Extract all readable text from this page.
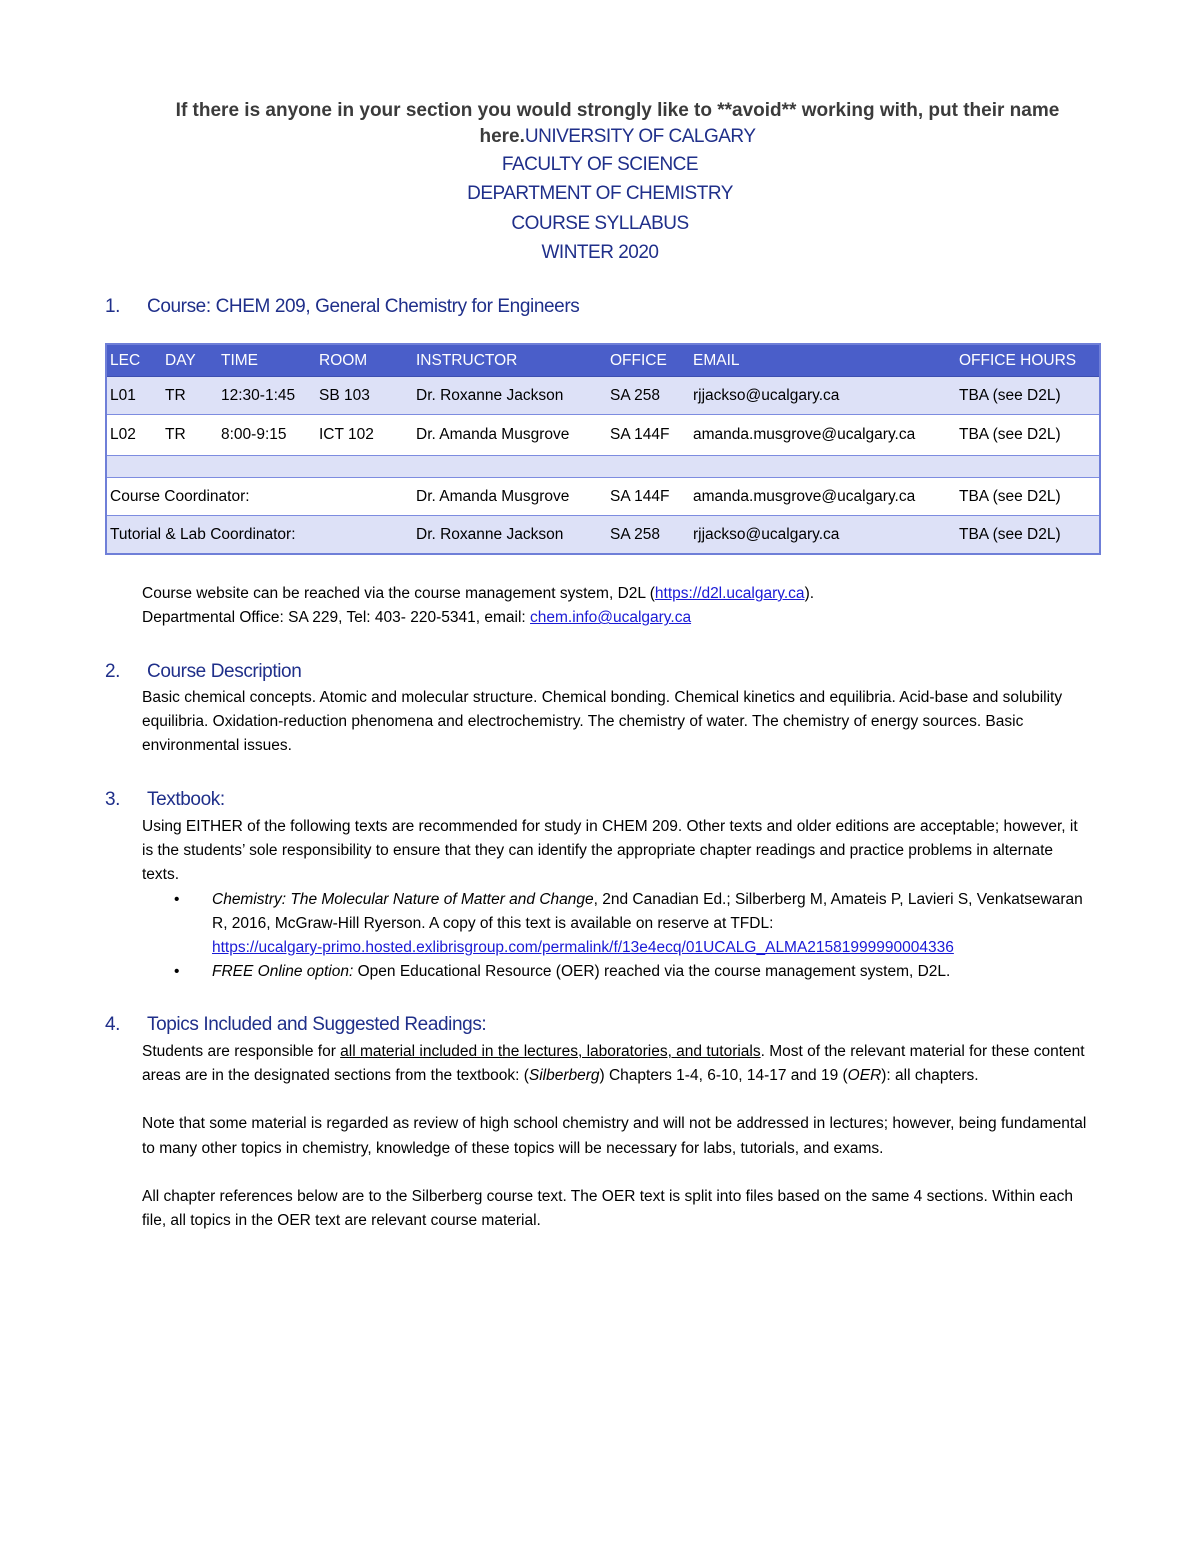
If there is anyone in your section you would strongly like to **avoid** working with, put their name here.UNIVERSITY OF CALGARY
FACULTY OF SCIENCE
DEPARTMENT OF CHEMISTRY
COURSE SYLLABUS
WINTER 2020
1. Course: CHEM 209, General Chemistry for Engineers
LEC	DAY	TIME	ROOM	INSTRUCTOR	OFFICE	EMAIL	OFFICE HOURS
L01	TR	12:30-1:45	SB 103	Dr. Roxanne Jackson	SA 258	rjjackso@ucalgary.ca	TBA (see D2L)
L02	TR	8:00-9:15	ICT 102	Dr. Amanda Musgrove	SA 144F	amanda.musgrove@ucalgary.ca	TBA (see D2L)

Course Coordinator:				Dr. Amanda Musgrove	SA 144F	amanda.musgrove@ucalgary.ca	TBA (see D2L)
Tutorial & Lab Coordinator:				Dr. Roxanne Jackson	SA 258	rjjackso@ucalgary.ca	TBA (see D2L)

Course website can be reached via the course management system, D2L (https://d2l.ucalgary.ca).

Departmental Office: SA 229, Tel: 403- 220-5341, email: chem.info@ucalgary.ca

2. Course Description

Basic chemical concepts. Atomic and molecular structure. Chemical bonding. Chemical kinetics and equilibria. Acid-base and solubility equilibria. Oxidation-reduction phenomena and electrochemistry. The chemistry of water. The chemistry of energy sources. Basic environmental issues.

3. Textbook:

Using EITHER of the following texts are recommended for study in CHEM 209. Other texts and older editions are acceptable; however, it is the students’ sole responsibility to ensure that they can identify the appropriate chapter readings and practice problems in alternate texts.

• Chemistry: The Molecular Nature of Matter and Change, 2nd Canadian Ed.; Silberberg M, Amateis P, Lavieri S, Venkatsewaran R, 2016, McGraw-Hill Ryerson. A copy of this text is available on reserve at TFDL:
https://ucalgary-primo.hosted.exlibrisgroup.com/permalink/f/13e4ecq/01UCALG_ALMA21581999990004336
• FREE Online option: Open Educational Resource (OER) reached via the course management system, D2L.
4. Topics Included and Suggested Readings:

Students are responsible for all material included in the lectures, laboratories, and tutorials. Most of the relevant material for these content areas are in the designated sections from the textbook: (Silberberg) Chapters 1-4, 6-10, 14-17 and 19 (OER): all chapters.

Note that some material is regarded as review of high school chemistry and will not be addressed in lectures; however, being fundamental to many other topics in chemistry, knowledge of these topics will be necessary for labs, tutorials, and exams.

All chapter references below are to the Silberberg course text. The OER text is split into files based on the same 4 sections. Within each file, all topics in the OER text are relevant course material.
